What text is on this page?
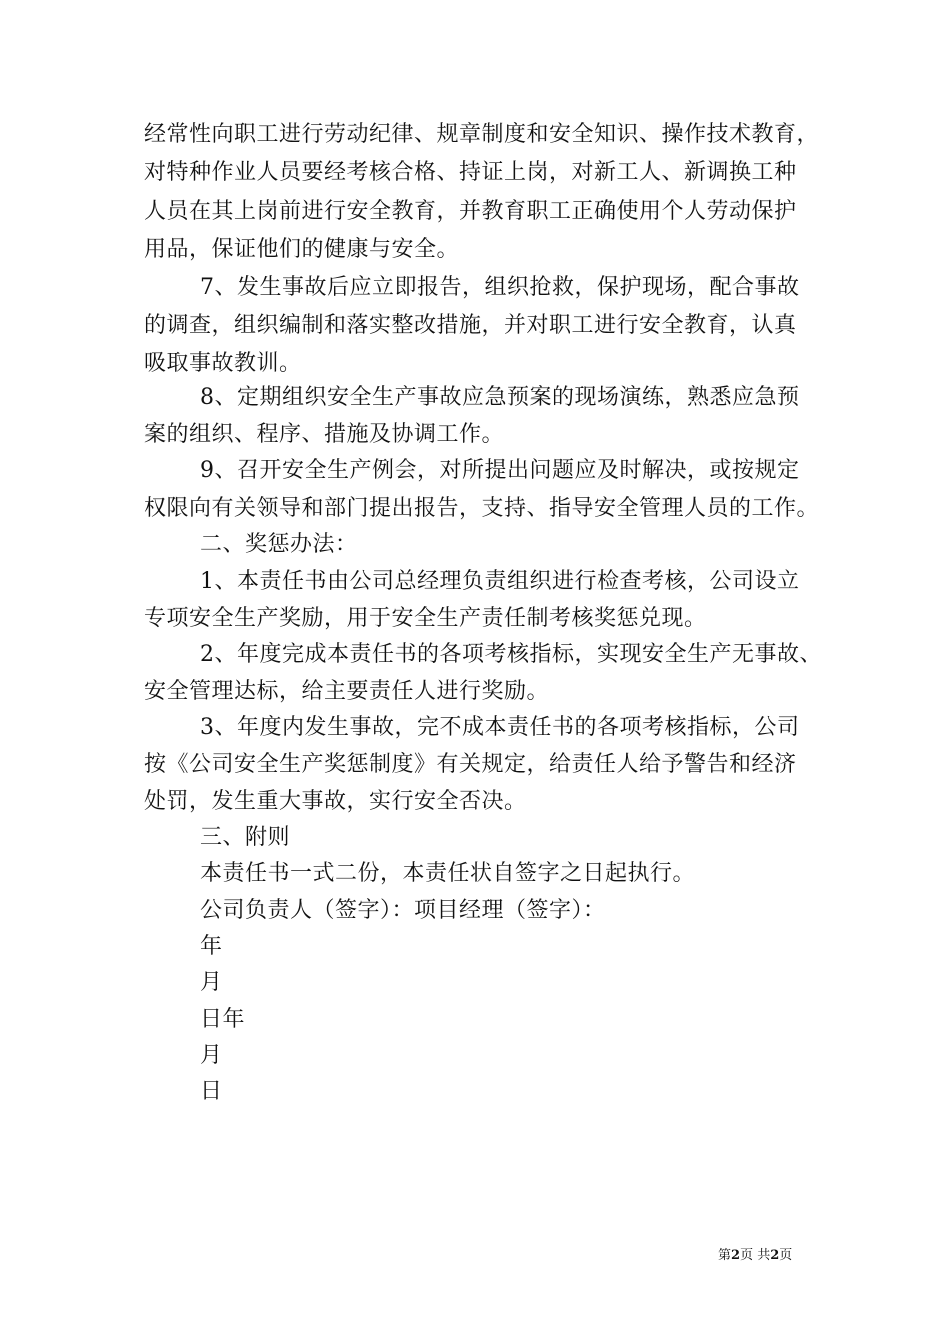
经常性向职工进行劳动纪律、规章制度和安全知识、操作技术教育，
对特种作业人员要经考核合格、持证上岗，对新工人、新调换工种
人员在其上岗前进行安全教育，并教育职工正确使用个人劳动保护
用品，保证他们的健康与安全。
7、发生事故后应立即报告，组织抢救，保护现场，配合事故
的调查，组织编制和落实整改措施，并对职工进行安全教育，认真
吸取事故教训。
8、定期组织安全生产事故应急预案的现场演练，熟悉应急预
案的组织、程序、措施及协调工作。
9、召开安全生产例会，对所提出问题应及时解决，或按规定
权限向有关领导和部门提出报告，支持、指导安全管理人员的工作。
二、奖惩办法：
1、本责任书由公司总经理负责组织进行检查考核，公司设立
专项安全生产奖励，用于安全生产责任制考核奖惩兑现。
2、年度完成本责任书的各项考核指标，实现安全生产无事故、
安全管理达标，给主要责任人进行奖励。
3、年度内发生事故，完不成本责任书的各项考核指标，公司
按《公司安全生产奖惩制度》有关规定，给责任人给予警告和经济
处罚，发生重大事故，实行安全否决。
三、附则
本责任书一式二份，本责任状自签字之日起执行。
公司负责人（签字）：项目经理（签字）：
年
月
日年
月
日
第2页 共2页
